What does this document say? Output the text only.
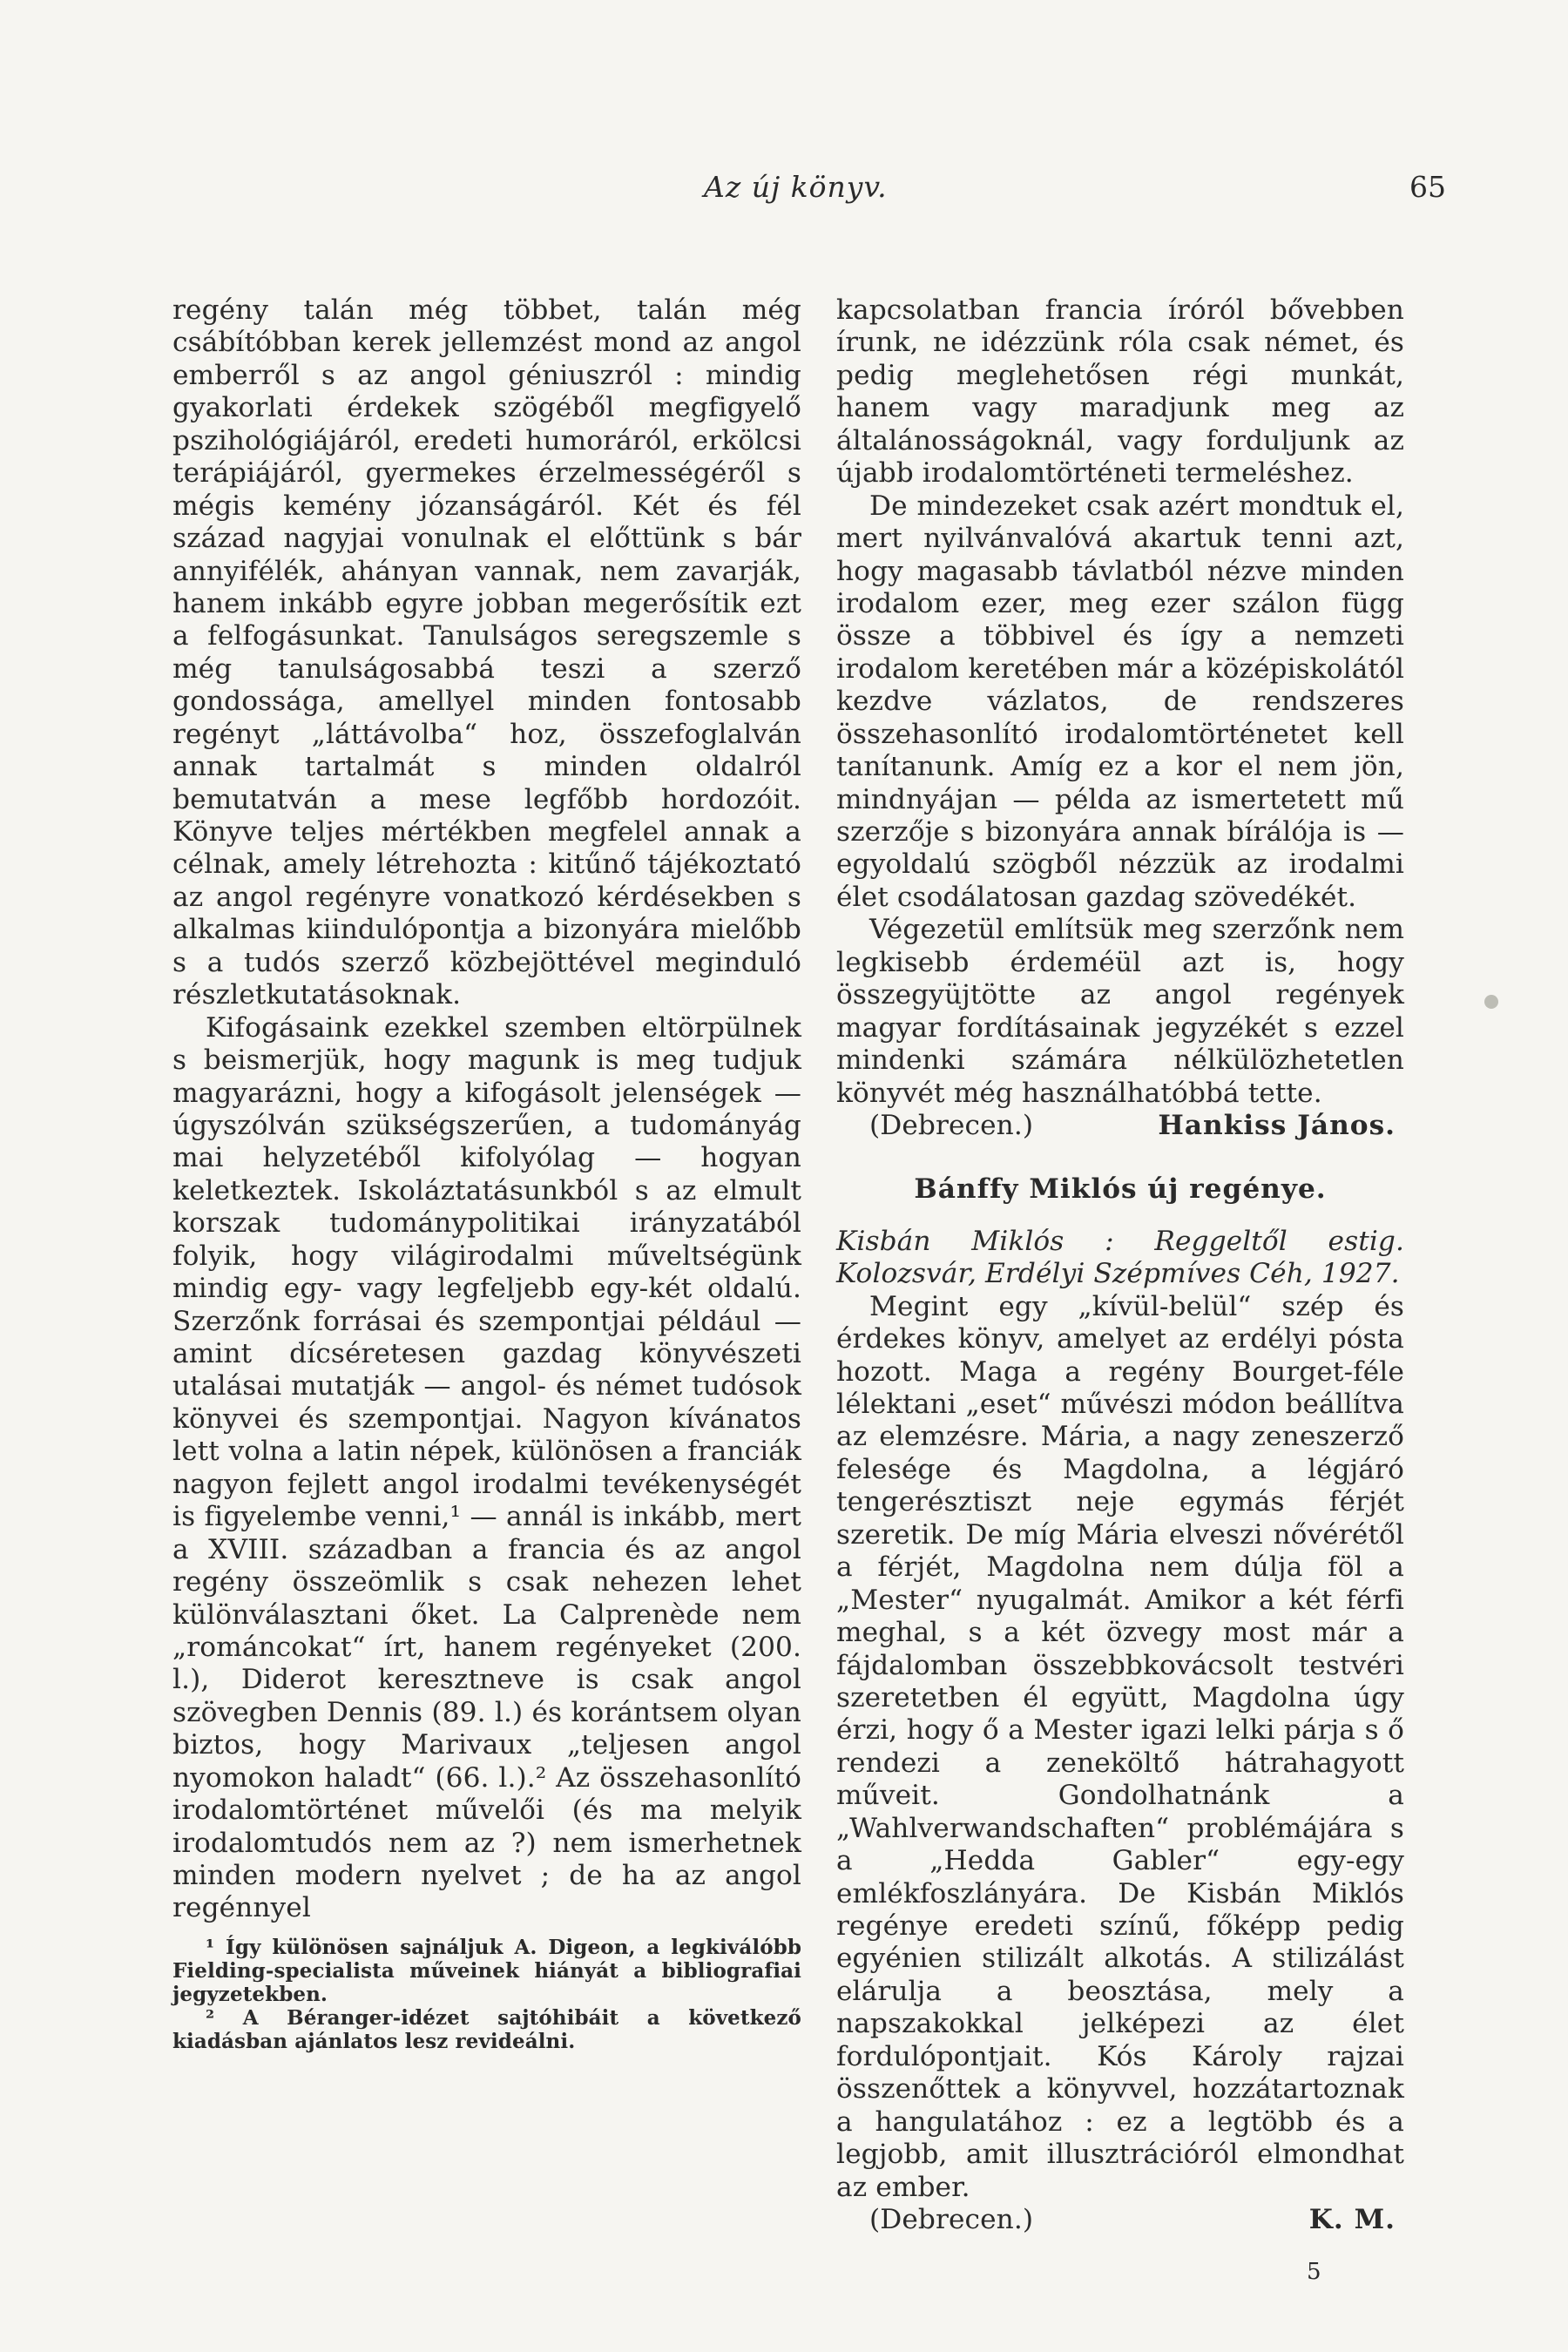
Az új könyv.	65

regény talán még többet, talán még csábítóbban kerek jellemzést mond az angol emberről s az angol géniuszról : mindig gyakorlati érdekek szögéből megfigyelő pszihológiájáról, eredeti humoráról, erkölcsi terápiájáról, gyermekes érzelmességéről s mégis kemény józanságáról. Két és fél század nagyjai vonulnak el előttünk s bár annyifélék, ahányan vannak, nem zavarják, hanem inkább egyre jobban megerősítik ezt a felfogásunkat. Tanulságos seregszemle s még tanulságosabbá teszi a szerző gondossága, amellyel minden fontosabb regényt „láttávolba“ hoz, összefoglalván annak tartalmát s minden oldalról bemutatván a mese legfőbb hordozóit. Könyve teljes mértékben megfelel annak a célnak, amely létrehozta : kitűnő tájékoztató az angol regényre vonatkozó kérdésekben s alkalmas kiindulópontja a bizonyára mielőbb s a tudós szerző közbejöttével meginduló részletkutatásoknak.

Kifogásaink ezekkel szemben eltörpülnek s beismerjük, hogy magunk is meg tudjuk magyarázni, hogy a kifogásolt jelenségek — úgyszólván szükségszerűen, a tudományág mai helyzetéből kifolyólag — hogyan keletkeztek. Iskoláztatásunkból s az elmult korszak tudománypolitikai irányzatából folyik, hogy világirodalmi műveltségünk mindig egy- vagy legfeljebb egy-két oldalú. Szerzőnk forrásai és szempontjai például — amint dícséretesen gazdag könyvészeti utalásai mutatják — angol- és német tudósok könyvei és szempontjai. Nagyon kívánatos lett volna a latin népek, különösen a franciák nagyon fejlett angol irodalmi tevékenységét is figyelembe venni,¹ — annál is inkább, mert a XVIII. században a francia és az angol regény összeömlik s csak nehezen lehet különválasztani őket. La Calprenède nem „románcokat“ írt, hanem regényeket (200. l.), Diderot keresztneve is csak angol szövegben Dennis (89. l.) és korántsem olyan biztos, hogy Marivaux „teljesen angol nyomokon haladt“ (66. l.).² Az összehasonlító irodalomtörténet művelői (és ma melyik irodalomtudós nem az ?) nem ismerhetnek minden modern nyelvet ; de ha az angol regénnyel

¹ Így különösen sajnáljuk A. Digeon, a legkiválóbb Fielding-specialista műveinek hiányát a bibliografiai jegyzetekben.

² A Béranger-idézet sajtóhibáit a következő kiadásban ajánlatos lesz revideálni.

kapcsolatban francia íróról bővebben írunk, ne idézzünk róla csak német, és pedig meglehetősen régi munkát, hanem vagy maradjunk meg az általánosságoknál, vagy forduljunk az újabb irodalomtörténeti termeléshez.

De mindezeket csak azért mondtuk el, mert nyilvánvalóvá akartuk tenni azt, hogy magasabb távlatból nézve minden irodalom ezer, meg ezer szálon függ össze a többivel és így a nemzeti irodalom keretében már a középiskolától kezdve vázlatos, de rendszeres összehasonlító irodalomtörténetet kell tanítanunk. Amíg ez a kor el nem jön, mindnyájan — példa az ismertetett mű szerzője s bizonyára annak bírálója is — egyoldalú szögből nézzük az irodalmi élet csodálatosan gazdag szövedékét.

Végezetül említsük meg szerzőnk nem legkisebb érdeméül azt is, hogy összegyüjtötte az angol regények magyar fordításainak jegyzékét s ezzel mindenki számára nélkülözhetetlen könyvét még használhatóbbá tette.

(Debrecen.)	Hankiss János.
Bánffy Miklós új regénye.

Kisbán Miklós : Reggeltől estig. Kolozsvár, Erdélyi Szépmíves Céh, 1927.

Megint egy „kívül-belül“ szép és érdekes könyv, amelyet az erdélyi pósta hozott. Maga a regény Bourget-féle lélektani „eset“ művészi módon beállítva az elemzésre. Mária, a nagy zeneszerző felesége és Magdolna, a légjáró tengerésztiszt neje egymás férjét szeretik. De míg Mária elveszi nővérétől a férjét, Magdolna nem dúlja föl a „Mester“ nyugalmát. Amikor a két férfi meghal, s a két özvegy most már a fájdalomban összebbkovácsolt testvéri szeretetben él együtt, Magdolna úgy érzi, hogy ő a Mester igazi lelki párja s ő rendezi a zeneköltő hátrahagyott műveit. Gondolhatnánk a „Wahlverwandschaften“ problémájára s a „Hedda Gabler“ egy-egy emlékfoszlányára. De Kisbán Miklós regénye eredeti színű, főképp pedig egyénien stilizált alkotás. A stilizálást elárulja a beosztása, mely a napszakokkal jelképezi az élet fordulópontjait. Kós Károly rajzai összenőttek a könyvvel, hozzátartoznak a hangulatához : ez a legtöbb és a legjobb, amit illusztrációról elmondhat az ember.

(Debrecen.)	K. M.
5
